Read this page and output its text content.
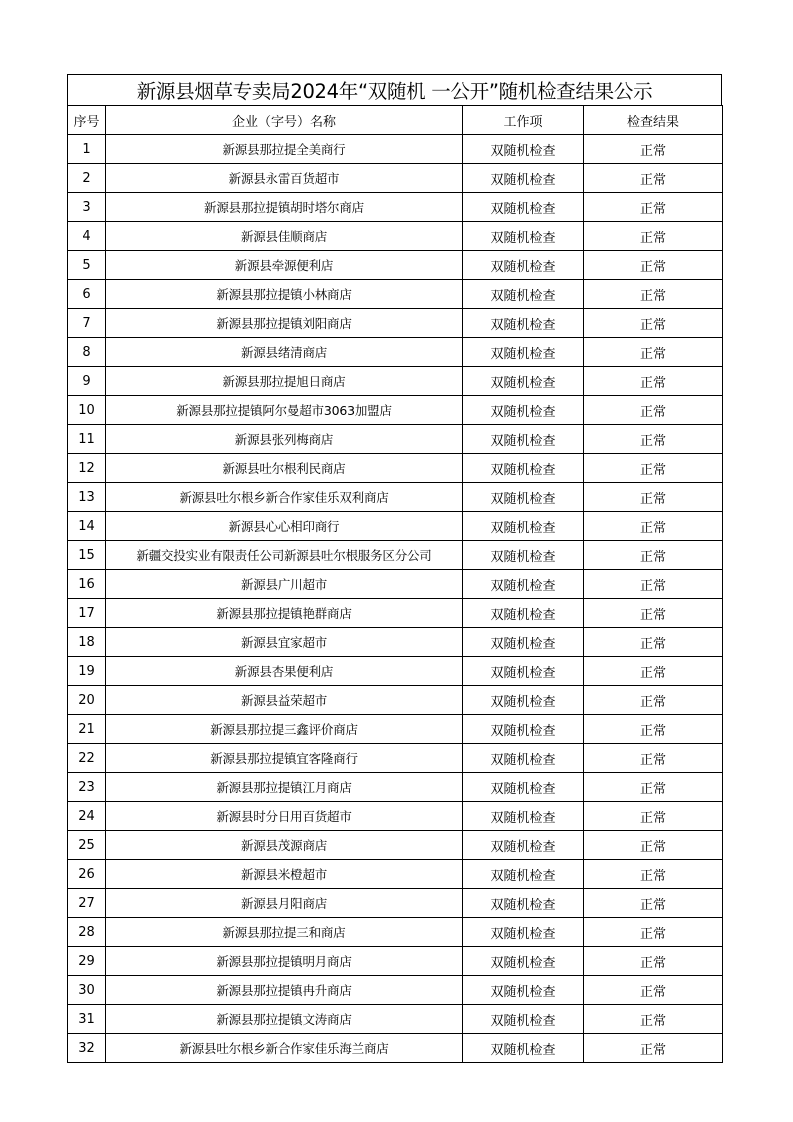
新源县烟草专卖局2024年“双随机 一公开”随机检查结果公示
序号	企业（字号）名称	工作项	检查结果
1	新源县那拉提全美商行	双随机检查	正常
2	新源县永雷百货超市	双随机检查	正常
3	新源县那拉提镇胡时塔尔商店	双随机检查	正常
4	新源县佳顺商店	双随机检查	正常
5	新源县牵源便利店	双随机检查	正常
6	新源县那拉提镇小林商店	双随机检查	正常
7	新源县那拉提镇刘阳商店	双随机检查	正常
8	新源县绪清商店	双随机检查	正常
9	新源县那拉提旭日商店	双随机检查	正常
10	新源县那拉提镇阿尔曼超市3063加盟店	双随机检查	正常
11	新源县张列梅商店	双随机检查	正常
12	新源县吐尔根利民商店	双随机检查	正常
13	新源县吐尔根乡新合作家佳乐双利商店	双随机检查	正常
14	新源县心心相印商行	双随机检查	正常
15	新疆交投实业有限责任公司新源县吐尔根服务区分公司	双随机检查	正常
16	新源县广川超市	双随机检查	正常
17	新源县那拉提镇艳群商店	双随机检查	正常
18	新源县宜家超市	双随机检查	正常
19	新源县杏果便利店	双随机检查	正常
20	新源县益荣超市	双随机检查	正常
21	新源县那拉提三鑫评价商店	双随机检查	正常
22	新源县那拉提镇宜客隆商行	双随机检查	正常
23	新源县那拉提镇江月商店	双随机检查	正常
24	新源县时分日用百货超市	双随机检查	正常
25	新源县茂源商店	双随机检查	正常
26	新源县米橙超市	双随机检查	正常
27	新源县月阳商店	双随机检查	正常
28	新源县那拉提三和商店	双随机检查	正常
29	新源县那拉提镇明月商店	双随机检查	正常
30	新源县那拉提镇冉升商店	双随机检查	正常
31	新源县那拉提镇文涛商店	双随机检查	正常
32	新源县吐尔根乡新合作家佳乐海兰商店	双随机检查	正常
